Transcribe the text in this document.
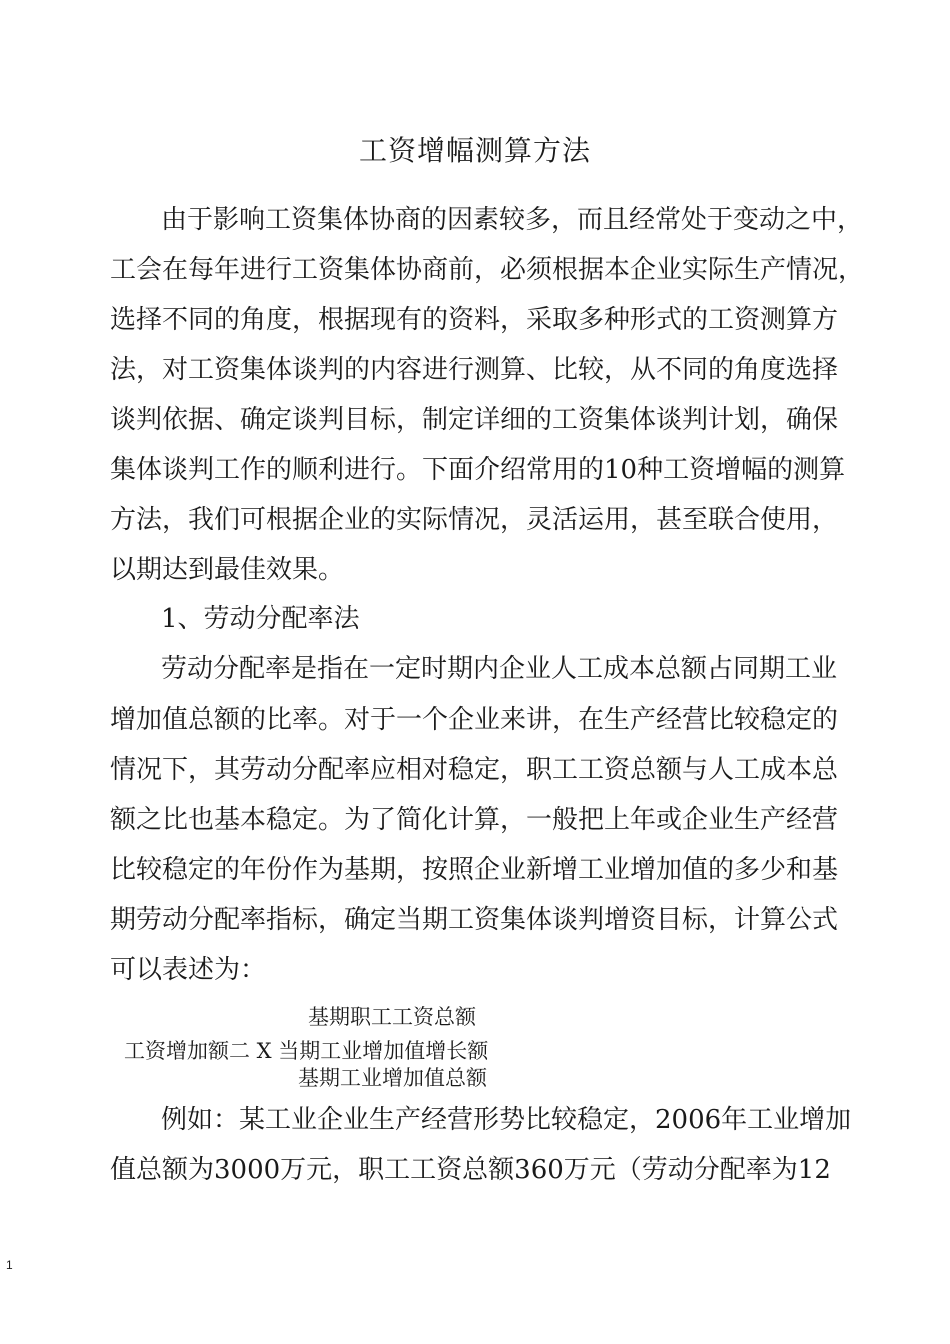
工资增幅测算方法
由于影响工资集体协商的因素较多，而且经常处于变动之中，
工会在每年进行工资集体协商前，必须根据本企业实际生产情况，
选择不同的角度，根据现有的资料，采取多种形式的工资测算方
法，对工资集体谈判的内容进行测算、比较，从不同的角度选择
谈判依据、确定谈判目标，制定详细的工资集体谈判计划，确保
集体谈判工作的顺利进行。下面介绍常用的10种工资增幅的测算
方法，我们可根据企业的实际情况，灵活运用，甚至联合使用，
以期达到最佳效果。
1、劳动分配率法
劳动分配率是指在一定时期内企业人工成本总额占同期工业
增加值总额的比率。对于一个企业来讲，在生产经营比较稳定的
情况下，其劳动分配率应相对稳定，职工工资总额与人工成本总
额之比也基本稳定。为了简化计算，一般把上年或企业生产经营
比较稳定的年份作为基期，按照企业新增工业增加值的多少和基
期劳动分配率指标，确定当期工资集体谈判增资目标，计算公式
可以表述为：
基期职工工资总额
工资增加额二 X 当期工业增加值增长额
基期工业增加值总额
例如：某工业企业生产经营形势比较稳定，2006年工业增加
值总额为3000万元，职工工资总额360万元（劳动分配率为12
1
